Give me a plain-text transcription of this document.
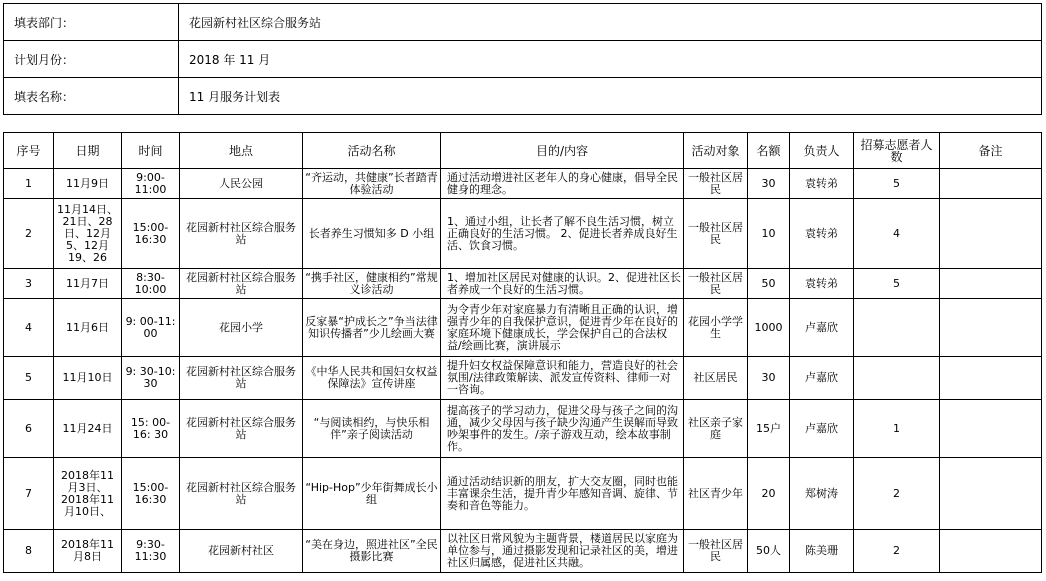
填表部门：	花园新村社区综合服务站
计划月份：	2018 年 11 月
填表名称：	11 月服务计划表
序号	日期	时间	地点	活动名称	目的/内容	活动对象	名额	负责人	招募志愿者人数	备注
1	11月9日	9:00-11:00	人民公园	“齐运动，共健康”长者踏青体验活动	通过活动增进社区老年人的身心健康，倡导全民健身的理念。	一般社区居民	30	袁转弟	5	
2	11月14日、21日、28日、12月5、12月19、26	15:00-16:30	花园新村社区综合服务站	长者养生习惯知多 D 小组	1、通过小组，让长者了解不良生活习惯，树立正确良好的生活习惯。 2、促进长者养成良好生活、饮食习惯。	一般社区居民	10	袁转弟	4	
3	11月7日	8:30-10:00	花园新村社区综合服务站	“携手社区，健康相约”常规义诊活动	1、增加社区居民对健康的认识。2、促进社区长者养成一个良好的生活习惯。	一般社区居民	50	袁转弟	5	
4	11月6日	9: 00-11: 00	花园小学	反家暴“护成长之”争当法律知识传播者”少儿绘画大赛	为令青少年对家庭暴力有清晰且正确的认识，增强青少年的自我保护意识，促进青少年在良好的家庭环境下健康成长，学会保护自己的合法权益/绘画比赛，演讲展示	花园小学学生	1000	卢嘉欣		
5	11月10日	9: 30-10: 30	花园新村社区综合服务站	《中华人民共和国妇女权益保障法》宣传讲座	提升妇女权益保障意识和能力，营造良好的社会氛围/法律政策解读、派发宣传资料、律师一对一咨询。	社区居民	30	卢嘉欣		
6	11月24日	15: 00-16: 30	花园新村社区综合服务站	“与阅读相约，与快乐相伴”亲子阅读活动	提高孩子的学习动力，促进父母与孩子之间的沟通，减少父母因与孩子缺少沟通产生误解而导致吵架事件的发生。/亲子游戏互动，绘本故事制作。	社区亲子家庭	15户	卢嘉欣	1	
7	2018年11月3日、2018年11月10日、	15:00-16:30	花园新村社区综合服务站	“Hip-Hop”少年街舞成长小组	通过活动结识新的朋友，扩大交友圈，同时也能丰富课余生活，提升青少年感知音调、旋律、节奏和音色等能力。	社区青少年	20	郑树涛	2	
8	2018年11月8日	9:30-11:30	花园新村社区	“美在身边，照进社区”全民摄影比赛	以社区日常风貌为主题背景，楼道居民以家庭为单位参与，通过摄影发现和记录社区的美，增进社区归属感，促进社区共融。	一般社区居民	50人	陈美珊	2	
